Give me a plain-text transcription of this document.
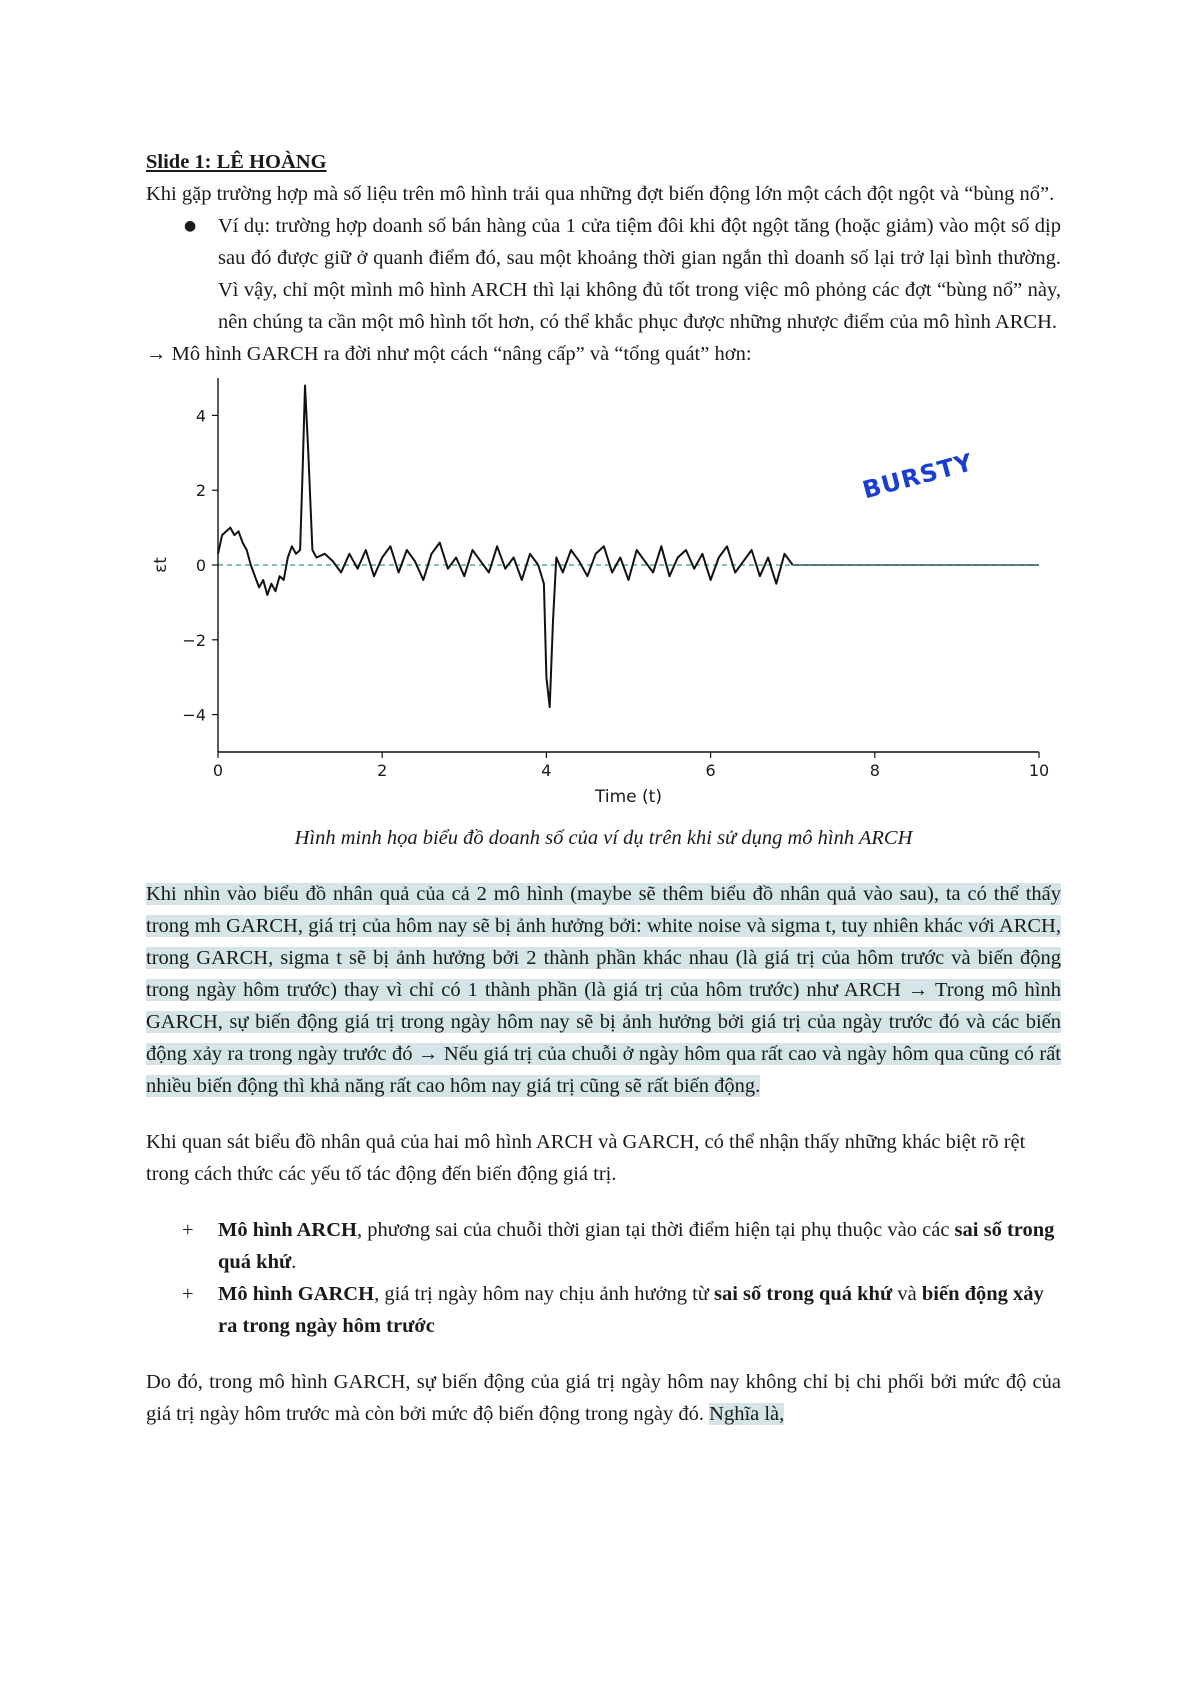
Slide 1: LÊ HOÀNG

Khi gặp trường hợp mà số liệu trên mô hình trải qua những đợt biến động lớn một cách đột ngột và “bùng nổ”.

● Ví dụ: trường hợp doanh số bán hàng của 1 cửa tiệm đôi khi đột ngột tăng (hoặc giảm) vào một số dịp sau đó được giữ ở quanh điểm đó, sau một khoảng thời gian ngắn thì doanh số lại trở lại bình thường. Vì vậy, chỉ một mình mô hình ARCH thì lại không đủ tốt trong việc mô phỏng các đợt “bùng nổ” này, nên chúng ta cần một mô hình tốt hơn, có thể khắc phục được những nhược điểm của mô hình ARCH.

→ Mô hình GARCH ra đời như một cách “nâng cấp” và “tổng quát” hơn:

0	2	4	6	8	10
−4
−2
0
2
4
εt
Time (t)
BURSTY

Hình minh họa biểu đồ doanh số của ví dụ trên khi sử dụng mô hình ARCH

Khi nhìn vào biểu đồ nhân quả của cả 2 mô hình (maybe sẽ thêm biểu đồ nhân quả vào sau), ta có thể thấy trong mh GARCH, giá trị của hôm nay sẽ bị ảnh hưởng bởi: white noise và sigma t, tuy nhiên khác với ARCH, trong GARCH, sigma t sẽ bị ảnh hưởng bởi 2 thành phần khác nhau (là giá trị của hôm trước và biến động trong ngày hôm trước) thay vì chỉ có 1 thành phần (là giá trị của hôm trước) như ARCH → Trong mô hình GARCH, sự biến động giá trị trong ngày hôm nay sẽ bị ảnh hưởng bởi giá trị của ngày trước đó và các biến động xảy ra trong ngày trước đó → Nếu giá trị của chuỗi ở ngày hôm qua rất cao và ngày hôm qua cũng có rất nhiều biến động thì khả năng rất cao hôm nay giá trị cũng sẽ rất biến động.

Khi quan sát biểu đồ nhân quả của hai mô hình ARCH và GARCH, có thể nhận thấy những khác biệt rõ rệt trong cách thức các yếu tố tác động đến biến động giá trị.

+ Mô hình ARCH, phương sai của chuỗi thời gian tại thời điểm hiện tại phụ thuộc vào các sai số trong quá khứ.
+ Mô hình GARCH, giá trị ngày hôm nay chịu ảnh hưởng từ sai số trong quá khứ và biến động xảy ra trong ngày hôm trước

Do đó, trong mô hình GARCH, sự biến động của giá trị ngày hôm nay không chỉ bị chi phối bởi mức độ của giá trị ngày hôm trước mà còn bởi mức độ biến động trong ngày đó. Nghĩa là,
